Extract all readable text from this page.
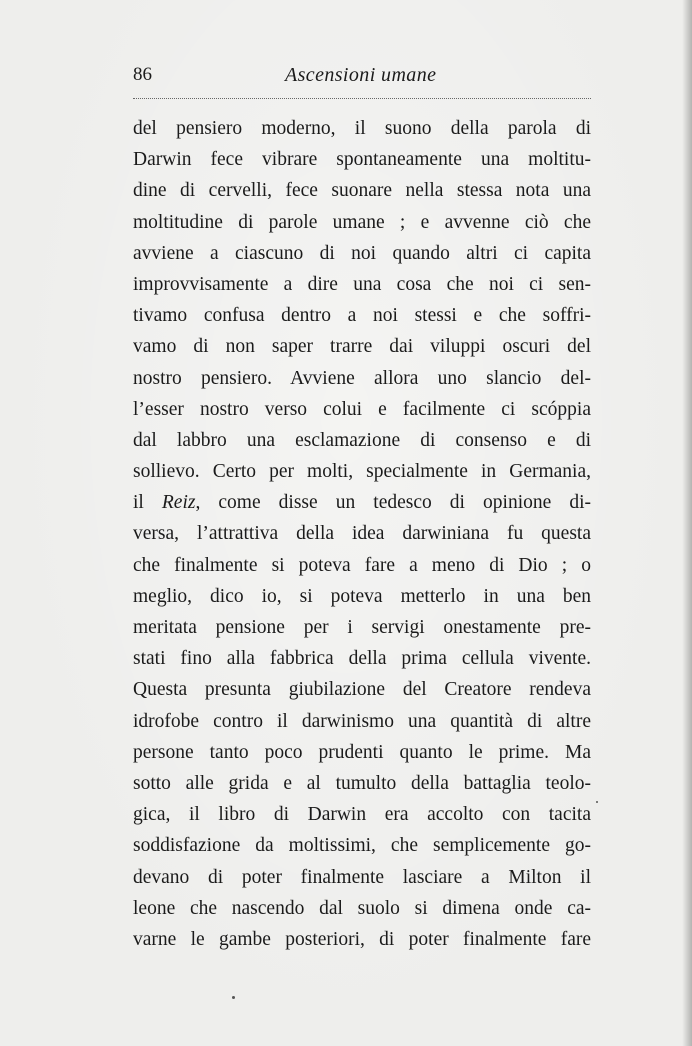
86	Ascensioni umane
del pensiero moderno, il suono della parola di
Darwin fece vibrare spontaneamente una moltitu-
dine di cervelli, fece suonare nella stessa nota una
moltitudine di parole umane ; e avvenne ciò che
avviene a ciascuno di noi quando altri ci capita
improvvisamente a dire una cosa che noi ci sen-
tivamo confusa dentro a noi stessi e che soffri-
vamo di non saper trarre dai viluppi oscuri del
nostro pensiero. Avviene allora uno slancio del-
l’esser nostro verso colui e facilmente ci scóppia
dal labbro una esclamazione di consenso e di
sollievo. Certo per molti, specialmente in Germania,
il Reiz, come disse un tedesco di opinione di-
versa, l’attrattiva della idea darwiniana fu questa
che finalmente si poteva fare a meno di Dio ; o
meglio, dico io, si poteva metterlo in una ben
meritata pensione per i servigi onestamente pre-
stati fino alla fabbrica della prima cellula vivente.
Questa presunta giubilazione del Creatore rendeva
idrofobe contro il darwinismo una quantità di altre
persone tanto poco prudenti quanto le prime. Ma
sotto alle grida e al tumulto della battaglia teolo-
gica, il libro di Darwin era accolto con tacita
soddisfazione da moltissimi, che semplicemente go-
devano di poter finalmente lasciare a Milton il
leone che nascendo dal suolo si dimena onde ca-
varne le gambe posteriori, di poter finalmente fare
